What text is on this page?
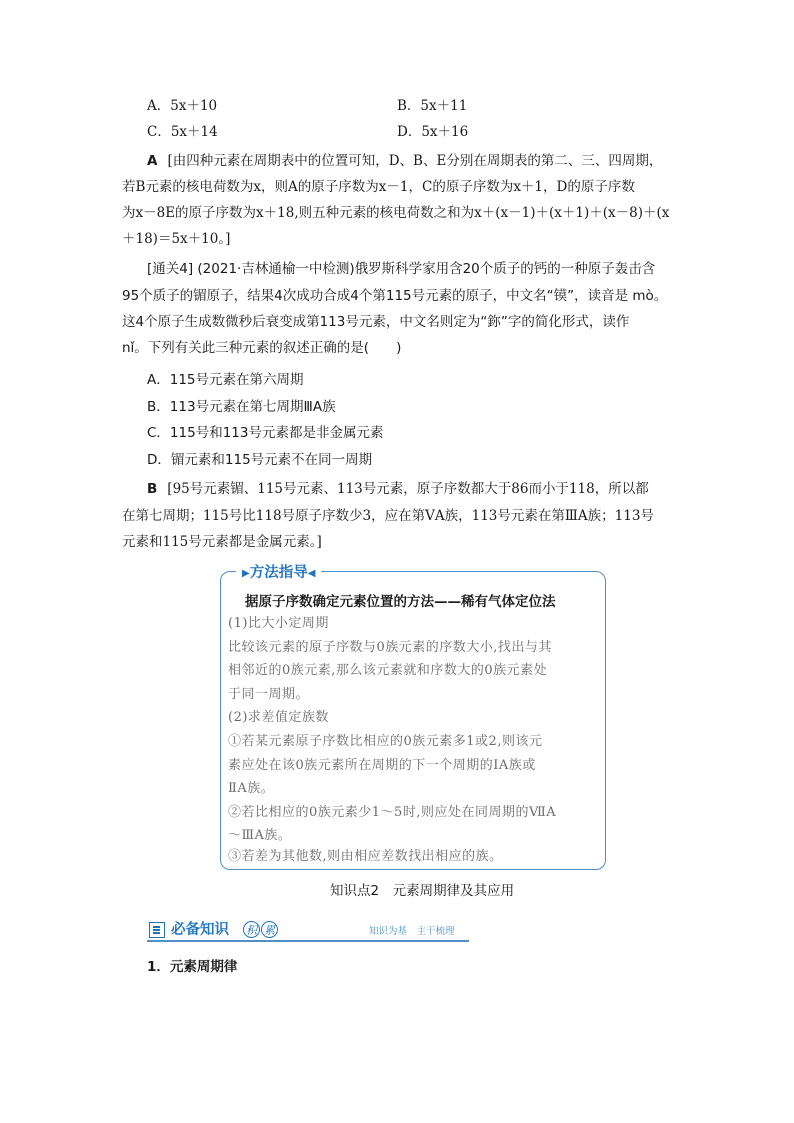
A．5x＋10	B．5x＋11
C．5x＋14	D．5x＋16
A [由四种元素在周期表中的位置可知，D、B、E分别在周期表的第二、三、四周期，
若B元素的核电荷数为x，则A的原子序数为x－1，C的原子序数为x＋1，D的原子序数
为x－8E的原子序数为x＋18,则五种元素的核电荷数之和为x＋(x－1)＋(x＋1)＋(x－8)＋(x
＋18)＝5x＋10。]
[通关4] (2021·吉林通榆一中检测)俄罗斯科学家用含20个质子的钙的一种原子轰击含
95个质子的镅原子，结果4次成功合成4个第115号元素的原子，中文名“镆”，读音是 mò。
这4个原子生成数微秒后衰变成第113号元素，中文名则定为“鉨”字的简化形式，读作
nǐ。下列有关此三种元素的叙述正确的是(　　)
A．115号元素在第六周期
B．113号元素在第七周期ⅢA族
C．115号和113号元素都是非金属元素
D．镅元素和115号元素不在同一周期
B [95号元素镅、115号元素、113号元素，原子序数都大于86而小于118，所以都
在第七周期；115号比118号原子序数少3，应在第ⅤA族，113号元素在第ⅢA族；113号
元素和115号元素都是金属元素。]
▶方法指导◀
据原子序数确定元素位置的方法——稀有气体定位法
(1)比大小定周期
比较该元素的原子序数与0族元素的序数大小,找出与其
相邻近的0族元素,那么该元素就和序数大的0族元素处
于同一周期。
(2)求差值定族数
①若某元素原子序数比相应的0族元素多1或2,则该元
素应处在该0族元素所在周期的下一个周期的ⅠA族或
ⅡA族。
②若比相应的0族元素少1～5时,则应处在同周期的ⅦA
～ⅢA族。
③若差为其他数,则由相应差数找出相应的族。
知识点2　元素周期律及其应用
必备知识 积 累	知识为基　主干梳理
1．元素周期律
